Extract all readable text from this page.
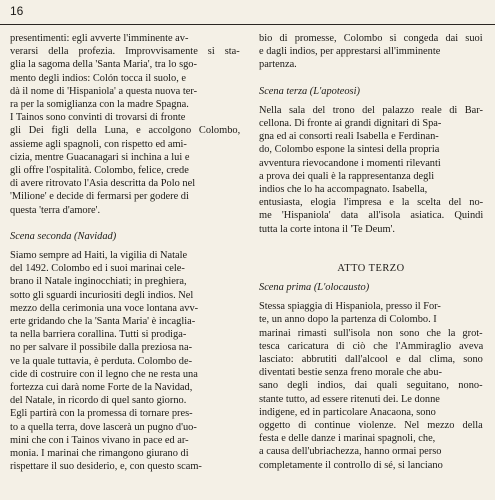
16
presentimenti: egli avverte l'imminente av-
verarsi della profezia. Improvvisamente si sta-
glia la sagoma della 'Santa Maria', tra lo sgo-
mento degli indios: Colón tocca il suolo, e
dà il nome di 'Hispaniola' a questa nuova ter-
ra per la somiglianza con la madre Spagna.
I Tainos sono convinti di trovarsi di fronte
gli Dei figli della Luna, e accolgono Colombo,
assieme agli spagnoli, con rispetto ed ami-
cizia, mentre Guacanagari si inchina a lui e
gli offre l'ospitalità. Colombo, felice, crede
di avere ritrovato l'Asia descritta da Polo nel
'Milione' e decide di fermarsi per godere di
questa 'terra d'amore'.
Scena seconda (Navidad)
Siamo sempre ad Haiti, la vigilia di Natale
del 1492. Colombo ed i suoi marinai cele-
brano il Natale inginocchiati; in preghiera,
sotto gli sguardi incuriositi degli indios. Nel
mezzo della cerimonia una voce lontana avv-
erte gridando che la 'Santa Maria' è incaglia-
ta nella barriera corallina. Tutti si prodiga-
no per salvare il possibile dalla preziosa na-
ve la quale tuttavia, è perduta. Colombo de-
cide di costruire con il legno che ne resta una
fortezza cui darà nome Forte de la Navidad,
del Natale, in ricordo di quel santo giorno.
Egli partirà con la promessa di tornare pres-
to a quella terra, dove lascerà un pugno d'uo-
mini che con i Tainos vivano in pace ed ar-
monia. I marinai che rimangono giurano di
rispettare il suo desiderio, e, con questo scam-
bio di promesse, Colombo si congeda dai suoi
e dagli indios, per apprestarsi all'imminente
partenza.
Scena terza (L'apoteosi)
Nella sala del trono del palazzo reale di Bar-
cellona. Di fronte ai grandi dignitari di Spa-
gna ed ai consorti reali Isabella e Ferdinan-
do, Colombo espone la sintesi della propria
avventura rievocandone i momenti rilevanti
a prova dei quali è la rappresentanza degli
indios che lo ha accompagnato. Isabella,
entusiasta, elogia l'impresa e la scelta del no-
me 'Hispaniola' data all'isola asiatica. Quindi
tutta la corte intona il 'Te Deum'.
ATTO TERZO
Scena prima (L'olocausto)
Stessa spiaggia di Hispaniola, presso il For-
te, un anno dopo la partenza di Colombo. I
marinai rimasti sull'isola non sono che la grot-
tesca caricatura di ciò che l'Ammiraglio aveva
lasciato: abbrutiti dall'alcool e dal clima, sono
diventati bestie senza freno morale che abu-
sano degli indios, dai quali seguitano, nono-
stante tutto, ad essere ritenuti dei. Le donne
indigene, ed in particolare Anacaona, sono
oggetto di continue violenze. Nel mezzo della
festa e delle danze i marinai spagnoli, che,
a causa dell'ubriachezza, hanno ormai perso
completamente il controllo di sé, si lanciano
